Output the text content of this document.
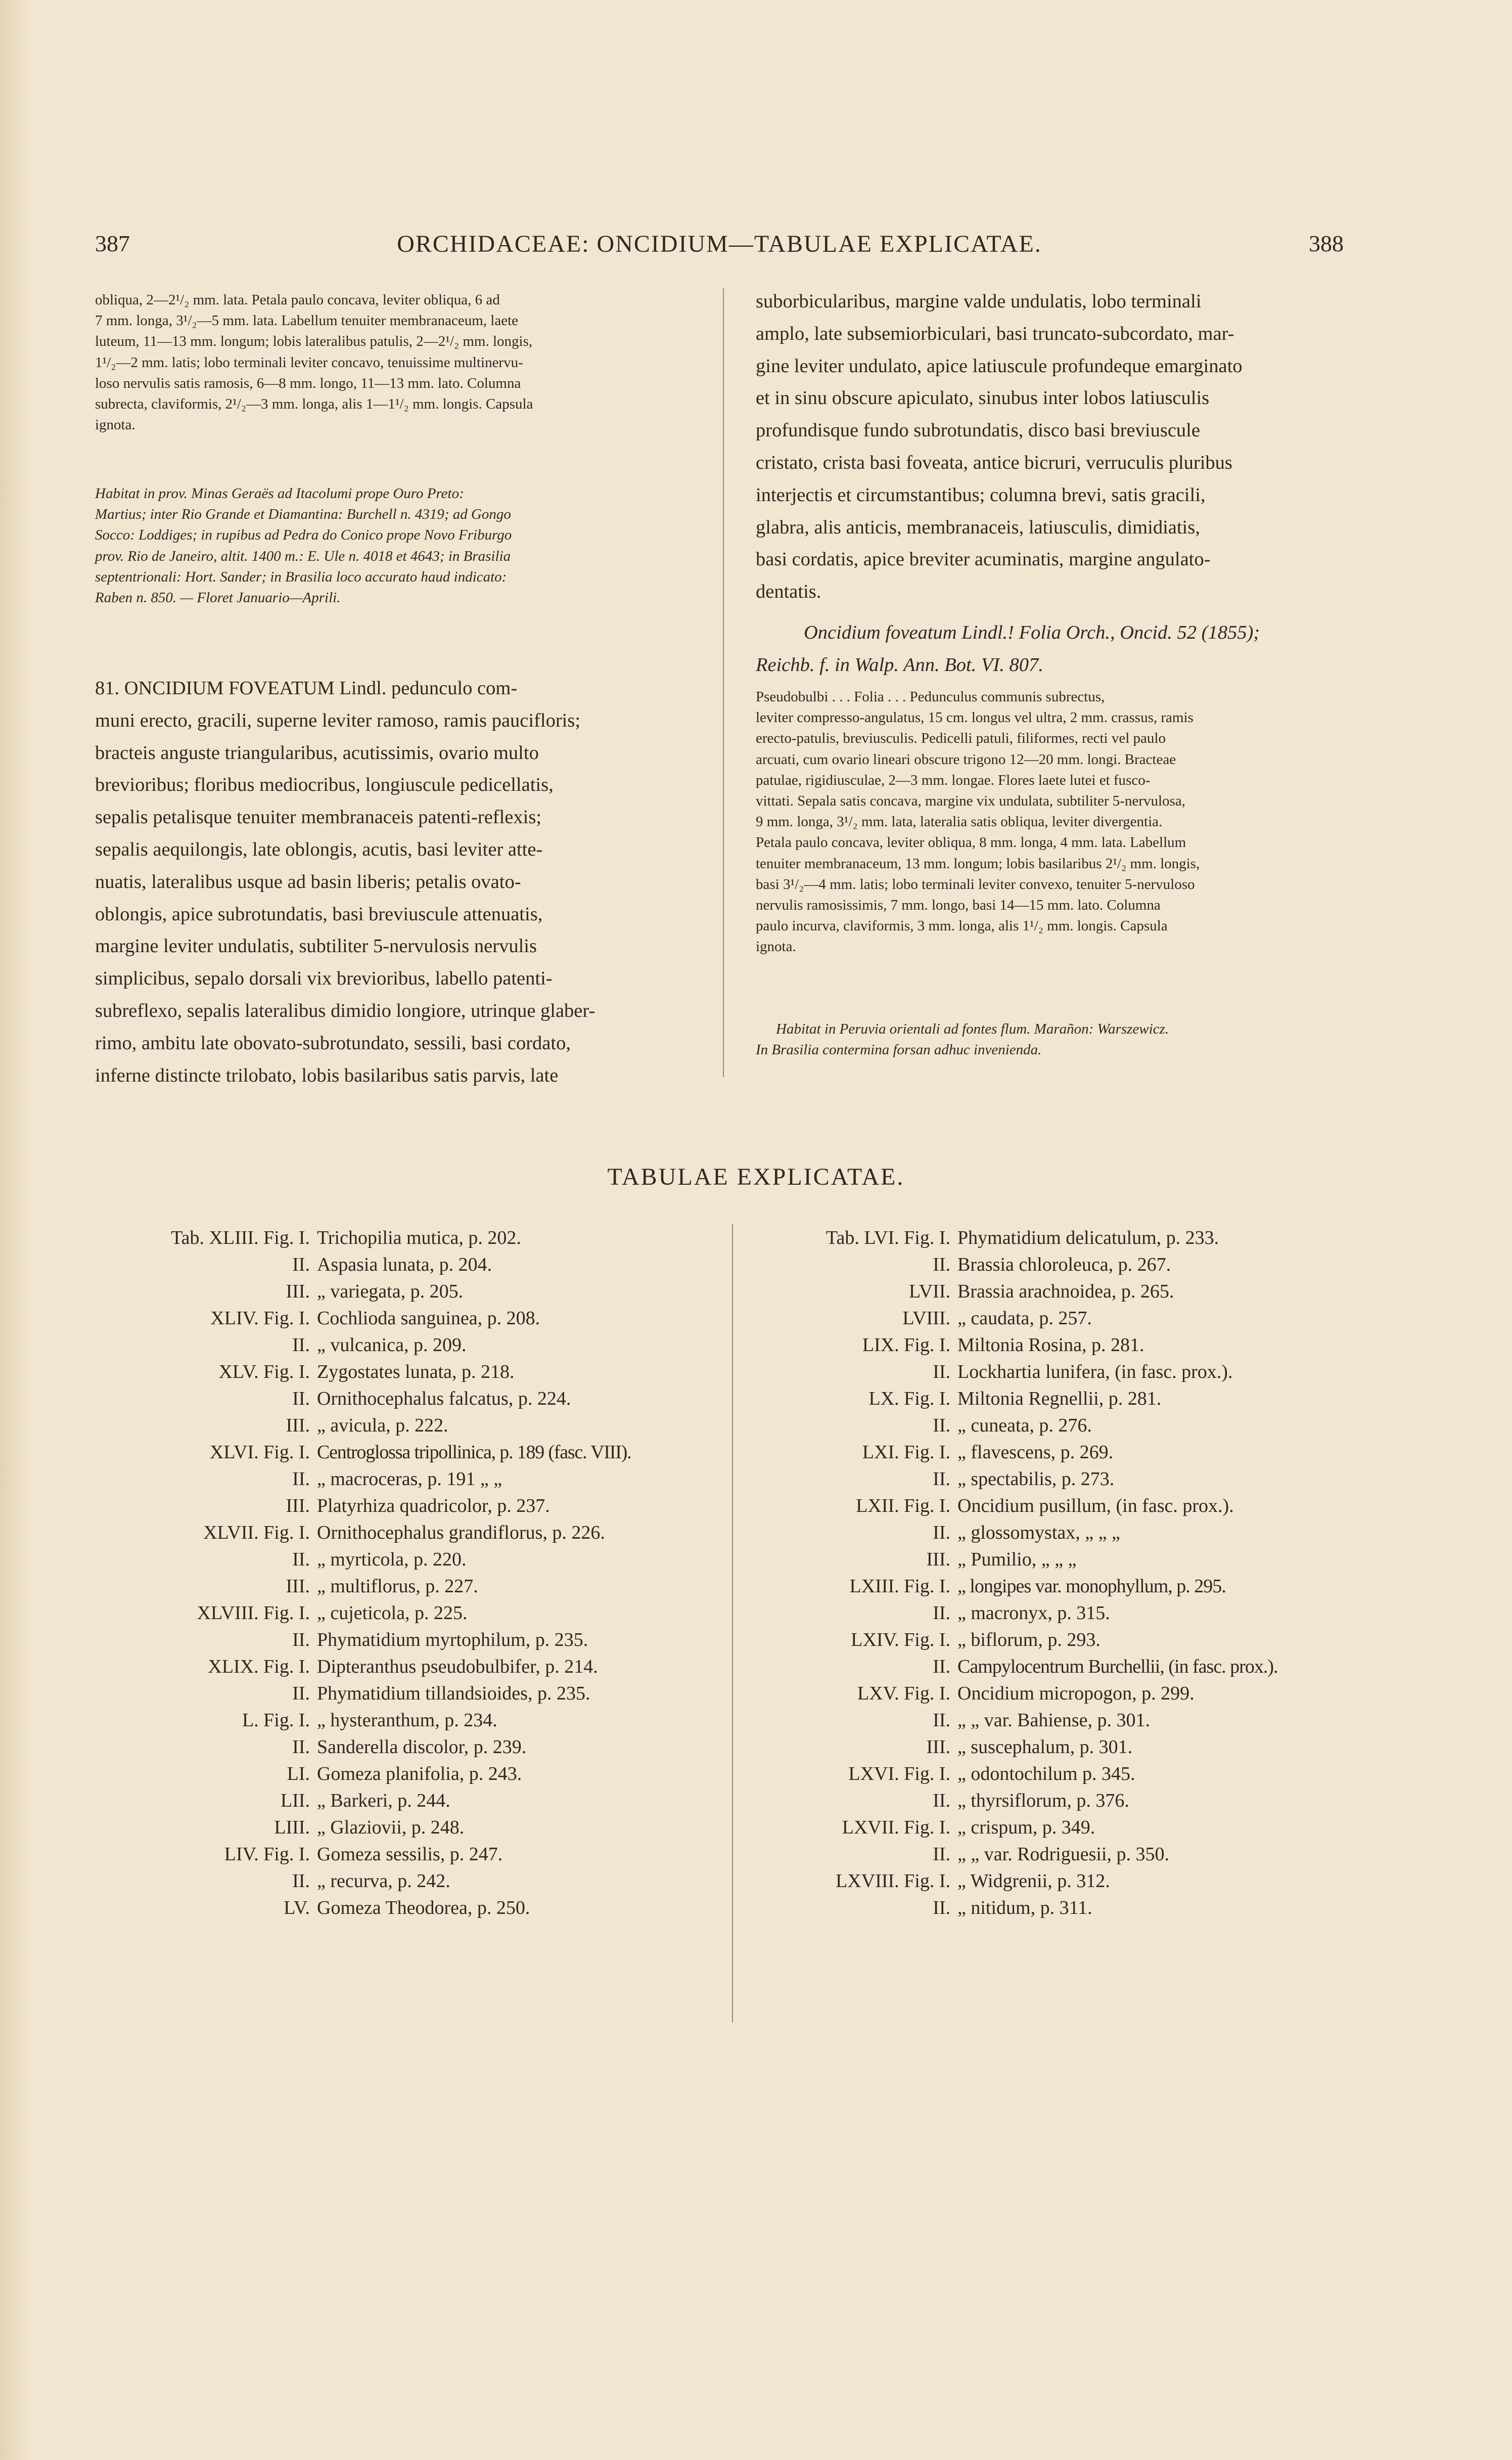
387	ORCHIDACEAE: ONCIDIUM—TABULAE EXPLICATAE.	388

obliqua, 2—2¹/₂ mm. lata. Petala paulo concava, leviter obliqua, 6 ad

7 mm. longa, 3¹/₂—5 mm. lata. Labellum tenuiter membranaceum, laete

luteum, 11—13 mm. longum; lobis lateralibus patulis, 2—2¹/₂ mm. longis,

1¹/₂—2 mm. latis; lobo terminali leviter concavo, tenuissime multinervu-

loso nervulis satis ramosis, 6—8 mm. longo, 11—13 mm. lato. Columna

subrecta, claviformis, 2¹/₂—3 mm. longa, alis 1—1¹/₂ mm. longis. Capsula

ignota.

Habitat in prov. Minas Geraës ad Itacolumi prope Ouro Preto:

Martius; inter Rio Grande et Diamantina: Burchell n. 4319; ad Gongo

Socco: Loddiges; in rupibus ad Pedra do Conico prope Novo Friburgo

prov. Rio de Janeiro, altit. 1400 m.: E. Ule n. 4018 et 4643; in Brasilia

septentrionali: Hort. Sander; in Brasilia loco accurato haud indicato:

Raben n. 850. — Floret Januario—Aprili.

81. ONCIDIUM FOVEATUM Lindl. pedunculo com-

muni erecto, gracili, superne leviter ramoso, ramis paucifloris;

bracteis anguste triangularibus, acutissimis, ovario multo

brevioribus; floribus mediocribus, longiuscule pedicellatis,

sepalis petalisque tenuiter membranaceis patenti-reflexis;

sepalis aequilongis, late oblongis, acutis, basi leviter atte-

nuatis, lateralibus usque ad basin liberis; petalis ovato-

oblongis, apice subrotundatis, basi breviuscule attenuatis,

margine leviter undulatis, subtiliter 5-nervulosis nervulis

simplicibus, sepalo dorsali vix brevioribus, labello patenti-

subreflexo, sepalis lateralibus dimidio longiore, utrinque glaber-

rimo, ambitu late obovato-subrotundato, sessili, basi cordato,

inferne distincte trilobato, lobis basilaribus satis parvis, late

suborbicularibus, margine valde undulatis, lobo terminali

amplo, late subsemiorbiculari, basi truncato-subcordato, mar-

gine leviter undulato, apice latiuscule profundeque emarginato

et in sinu obscure apiculato, sinubus inter lobos latiusculis

profundisque fundo subrotundatis, disco basi breviuscule

cristato, crista basi foveata, antice bicruri, verruculis pluribus

interjectis et circumstantibus; columna brevi, satis gracili,

glabra, alis anticis, membranaceis, latiusculis, dimidiatis,

basi cordatis, apice breviter acuminatis, margine angulato-

dentatis.

Oncidium foveatum Lindl.! Folia Orch., Oncid. 52 (1855);

Reichb. f. in Walp. Ann. Bot. VI. 807.

Pseudobulbi . . . Folia . . . Pedunculus communis subrectus,

leviter compresso-angulatus, 15 cm. longus vel ultra, 2 mm. crassus, ramis

erecto-patulis, breviusculis. Pedicelli patuli, filiformes, recti vel paulo

arcuati, cum ovario lineari obscure trigono 12—20 mm. longi. Bracteae

patulae, rigidiusculae, 2—3 mm. longae. Flores laete lutei et fusco-

vittati. Sepala satis concava, margine vix undulata, subtiliter 5-nervulosa,

9 mm. longa, 3¹/₂ mm. lata, lateralia satis obliqua, leviter divergentia.

Petala paulo concava, leviter obliqua, 8 mm. longa, 4 mm. lata. Labellum

tenuiter membranaceum, 13 mm. longum; lobis basilaribus 2¹/₂ mm. longis,

basi 3¹/₂—4 mm. latis; lobo terminali leviter convexo, tenuiter 5-nervuloso

nervulis ramosissimis, 7 mm. longo, basi 14—15 mm. lato. Columna

paulo incurva, claviformis, 3 mm. longa, alis 1¹/₂ mm. longis. Capsula

ignota.

Habitat in Peruvia orientali ad fontes flum. Marañon: Warszewicz.

In Brasilia contermina forsan adhuc invenienda.

TABULAE EXPLICATAE.
Tab. XLIII. Fig. I. Trichopilia mutica, p. 202.
II. Aspasia lunata, p. 204.
III. „ variegata, p. 205.
XLIV. Fig. I. Cochlioda sanguinea, p. 208.
II. „ vulcanica, p. 209.
XLV. Fig. I. Zygostates lunata, p. 218.
II. Ornithocephalus falcatus, p. 224.
III. „ avicula, p. 222.
XLVI. Fig. I. Centroglossa tripollinica, p. 189 (fasc. VIII).
II. „ macroceras, p. 191 „ „
III. Platyrhiza quadricolor, p. 237.
XLVII. Fig. I. Ornithocephalus grandiflorus, p. 226.
II. „ myrticola, p. 220.
III. „ multiflorus, p. 227.
XLVIII. Fig. I. „ cujeticola, p. 225.
II. Phymatidium myrtophilum, p. 235.
XLIX. Fig. I. Dipteranthus pseudobulbifer, p. 214.
II. Phymatidium tillandsioides, p. 235.
L. Fig. I. „ hysteranthum, p. 234.
II. Sanderella discolor, p. 239.
LI. Gomeza planifolia, p. 243.
LII. „ Barkeri, p. 244.
LIII. „ Glaziovii, p. 248.
LIV. Fig. I. Gomeza sessilis, p. 247.
II. „ recurva, p. 242.
LV. Gomeza Theodorea, p. 250.
Tab. LVI. Fig. I. Phymatidium delicatulum, p. 233.
II. Brassia chloroleuca, p. 267.
LVII. Brassia arachnoidea, p. 265.
LVIII. „ caudata, p. 257.
LIX. Fig. I. Miltonia Rosina, p. 281.
II. Lockhartia lunifera, (in fasc. prox.).
LX. Fig. I. Miltonia Regnellii, p. 281.
II. „ cuneata, p. 276.
LXI. Fig. I. „ flavescens, p. 269.
II. „ spectabilis, p. 273.
LXII. Fig. I. Oncidium pusillum, (in fasc. prox.).
II. „ glossomystax, „ „ „
III. „ Pumilio, „ „ „
LXIII. Fig. I. „ longipes var. monophyllum, p. 295.
II. „ macronyx, p. 315.
LXIV. Fig. I. „ biflorum, p. 293.
II. Campylocentrum Burchellii, (in fasc. prox.).
LXV. Fig. I. Oncidium micropogon, p. 299.
II. „ „ var. Bahiense, p. 301.
III. „ suscephalum, p. 301.
LXVI. Fig. I. „ odontochilum p. 345.
II. „ thyrsiflorum, p. 376.
LXVII. Fig. I. „ crispum, p. 349.
II. „ „ var. Rodriguesii, p. 350.
LXVIII. Fig. I. „ Widgrenii, p. 312.
II. „ nitidum, p. 311.
